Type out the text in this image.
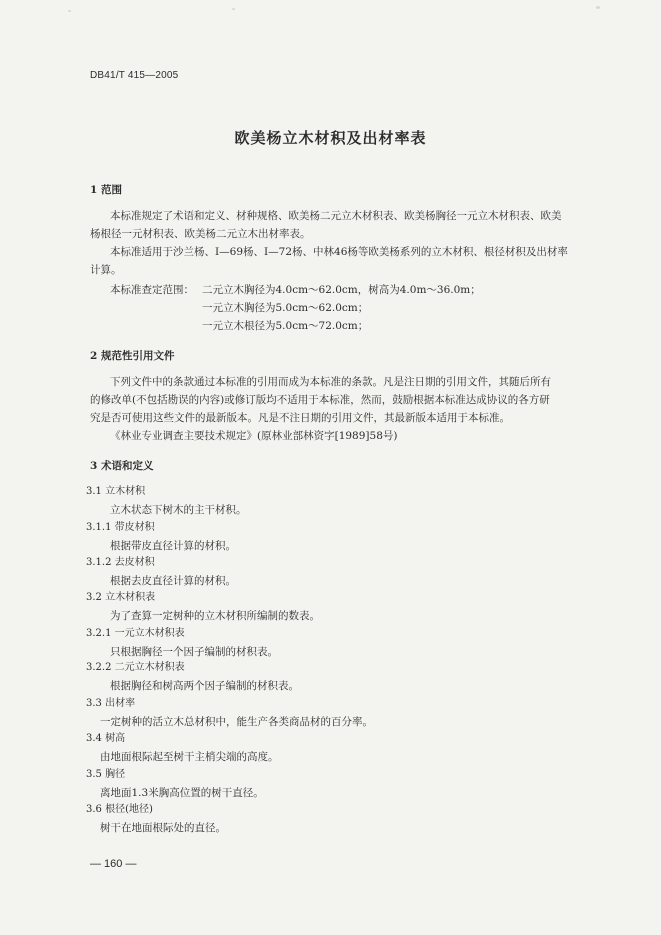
DB41/T 415—2005
欧美杨立木材积及出材率表
1 范围
本标准规定了术语和定义、材种规格、欧美杨二元立木材积表、欧美杨胸径一元立木材积表、欧美
杨根径一元材积表、欧美杨二元立木出材率表。
本标准适用于沙兰杨、I—69杨、I—72杨、中林46杨等欧美杨系列的立木材积、根径材积及出材率
计算。
本标准查定范围： 二元立木胸径为4.0cm～62.0cm，树高为4.0m～36.0m；
一元立木胸径为5.0cm～62.0cm；
一元立木根径为5.0cm～72.0cm；
2 规范性引用文件
下列文件中的条款通过本标准的引用而成为本标准的条款。凡是注日期的引用文件，其随后所有
的修改单(不包括勘误的内容)或修订版均不适用于本标准，然而，鼓励根据本标准达成协议的各方研
究是否可使用这些文件的最新版本。凡是不注日期的引用文件，其最新版本适用于本标准。
《林业专业调查主要技术规定》(原林业部林资字[1989]58号)
3 术语和定义
3.1 立木材积
立木状态下树木的主干材积。
3.1.1 带皮材积
根据带皮直径计算的材积。
3.1.2 去皮材积
根据去皮直径计算的材积。
3.2 立木材积表
为了查算一定树种的立木材积所编制的数表。
3.2.1 一元立木材积表
只根据胸径一个因子编制的材积表。
3.2.2 二元立木材积表
根据胸径和树高两个因子编制的材积表。
3.3 出材率
一定树种的活立木总材积中，能生产各类商品材的百分率。
3.4 树高
由地面根际起至树干主梢尖端的高度。
3.5 胸径
离地面1.3米胸高位置的树干直径。
3.6 根径(地径)
树干在地面根际处的直径。
— 160 —
